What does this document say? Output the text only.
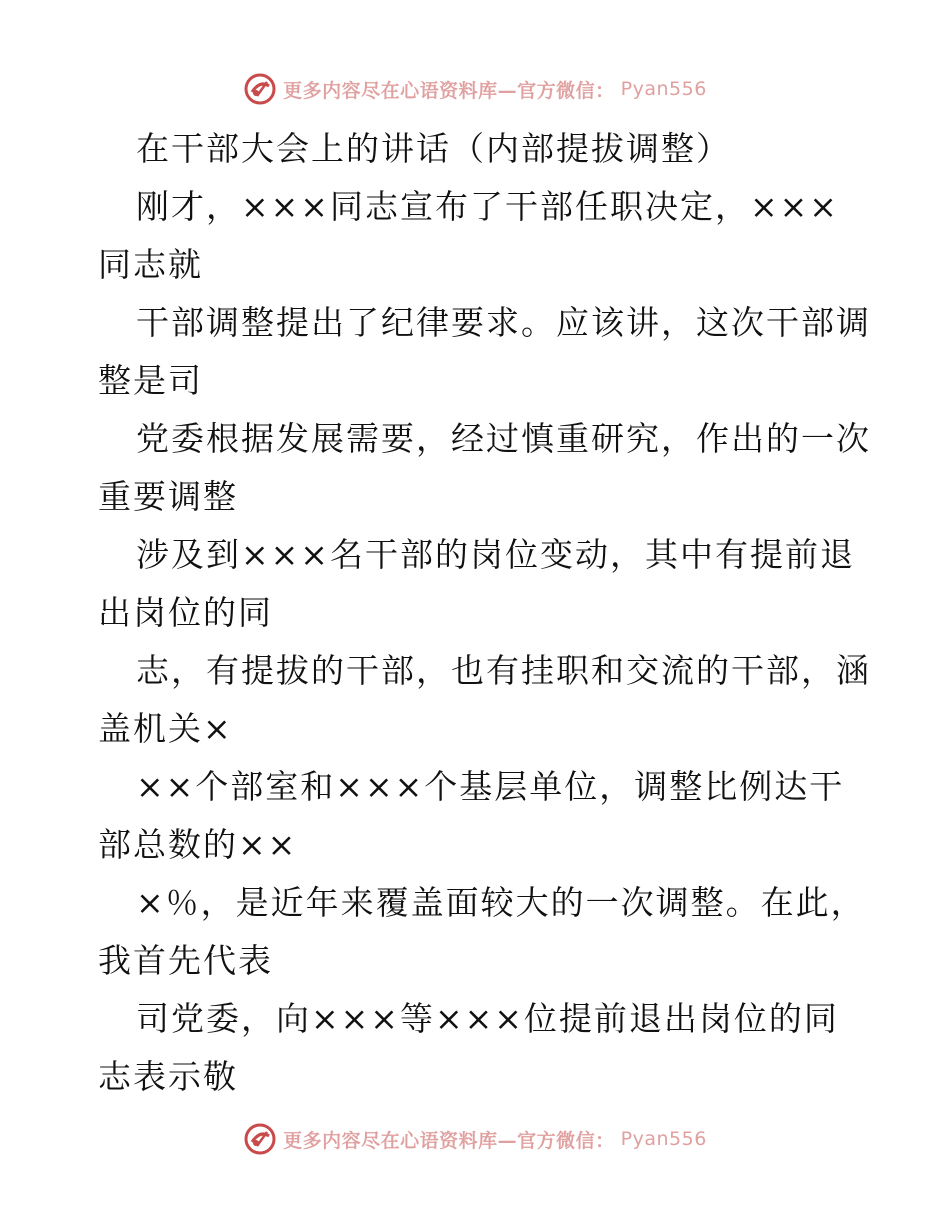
更多内容尽在心语资料库—官方微信： Pyan556
在干部大会上的讲话（内部提拔调整）
刚才，×××同志宣布了干部任职决定，×××
同志就
干部调整提出了纪律要求。应该讲，这次干部调
整是司
党委根据发展需要，经过慎重研究，作出的一次
重要调整
涉及到×××名干部的岗位变动，其中有提前退
出岗位的同
志，有提拔的干部，也有挂职和交流的干部，涵
盖机关×
××个部室和×××个基层单位，调整比例达干
部总数的××
×％，是近年来覆盖面较大的一次调整。在此，
我首先代表
司党委，向×××等×××位提前退出岗位的同
志表示敬
更多内容尽在心语资料库—官方微信： Pyan556
